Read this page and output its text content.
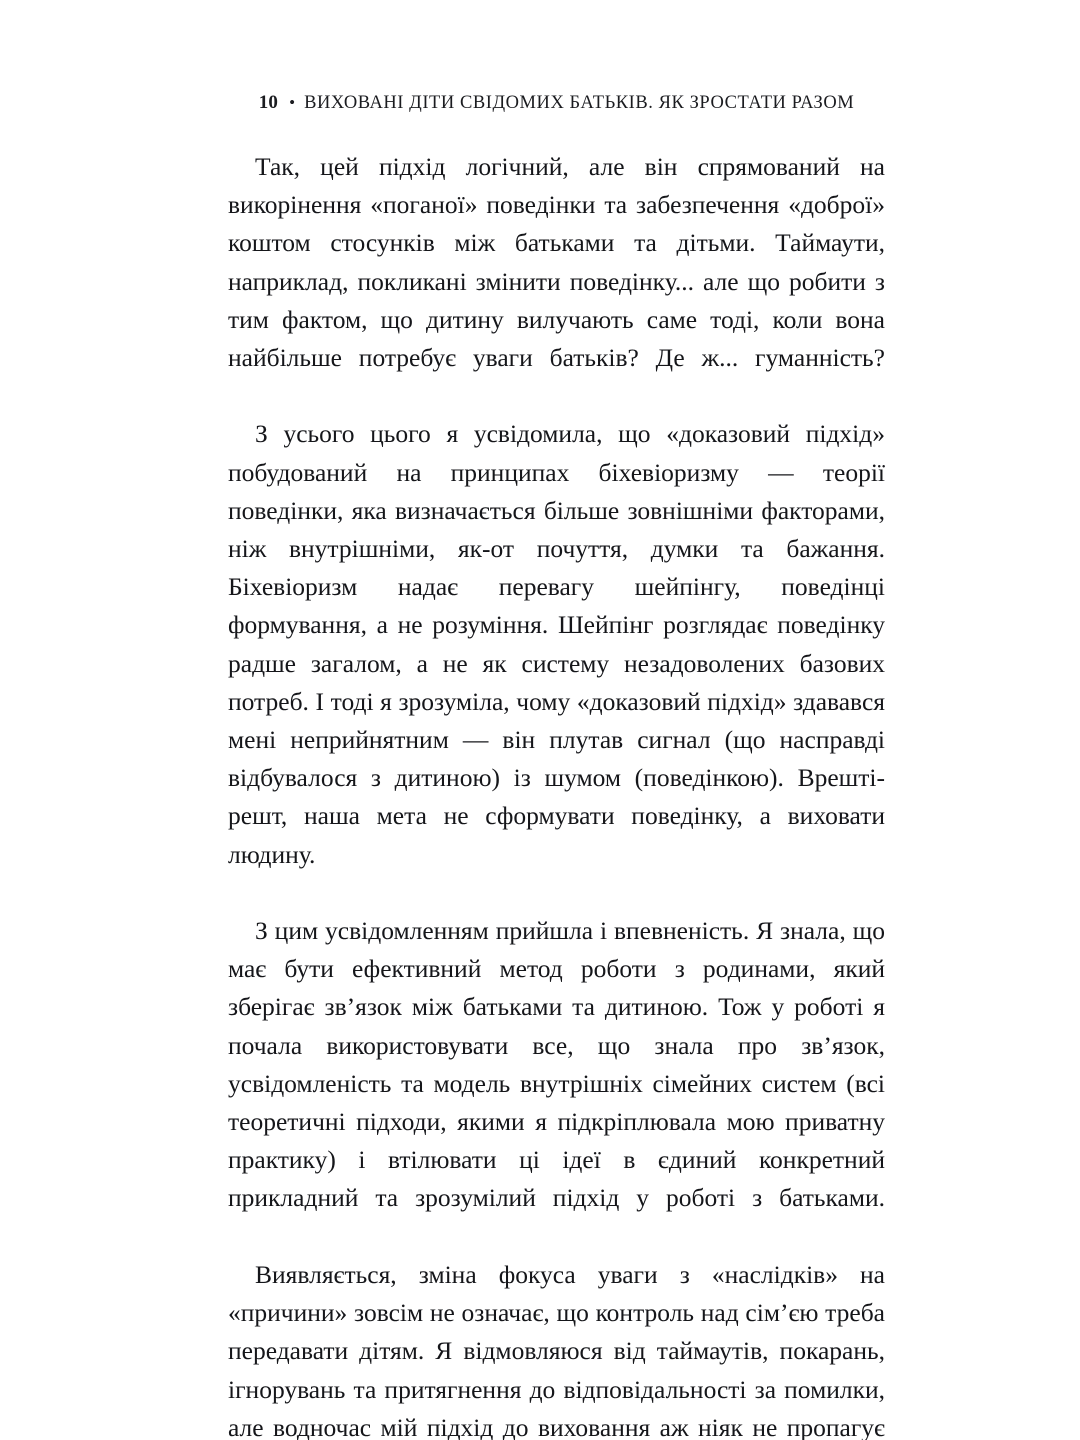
10 • ВИХОВАНІ ДІТИ СВІДОМИХ БАТЬКІВ. ЯК ЗРОСТАТИ РАЗОМ

Так, цей підхід логічний, але він спрямований на викорінення «поганої» поведінки та забезпечення «доброї» коштом стосунків між батьками та дітьми. Таймаути, наприклад, покликані змінити поведінку... але що робити з тим фактом, що дитину вилучають саме тоді, коли вона найбільше потребує уваги батьків? Де ж... гуманність?

З усього цього я усвідомила, що «доказовий підхід» побудований на принципах біхевіоризму — теорії поведінки, яка визначається більше зовнішніми факторами, ніж внутрішніми, як-от почуття, думки та бажання. Біхевіоризм надає перевагу шейпінгу, поведінці формування, а не розуміння. Шейпінг розглядає поведінку радше загалом, а не як систему незадоволених базових потреб. І тоді я зрозуміла, чому «доказовий підхід» здавався мені неприйнятним — він плутав сигнал (що насправді відбувалося з дитиною) із шумом (поведінкою). Врешті-решт, наша мета не сформувати поведінку, а виховати людину.

З цим усвідомленням прийшла і впевненість. Я знала, що має бути ефективний метод роботи з родинами, який зберігає зв’язок між батьками та дитиною. Тож у роботі я почала використовувати все, що знала про зв’язок, усвідомленість та модель внутрішніх сімейних систем (всі теоретичні підходи, якими я підкріплювала мою приватну практику) і втілювати ці ідеї в єдиний конкретний прикладний та зрозумілий підхід у роботі з батьками.

Виявляється, зміна фокуса уваги з «наслідків» на «причини» зовсім не означає, що контроль над сім’єю треба передавати дітям. Я відмовляюся від таймаутів, покарань, ігнорувань та притягнення до відповідальності за помилки, але водночас мій підхід до виховання аж ніяк не пропагує
